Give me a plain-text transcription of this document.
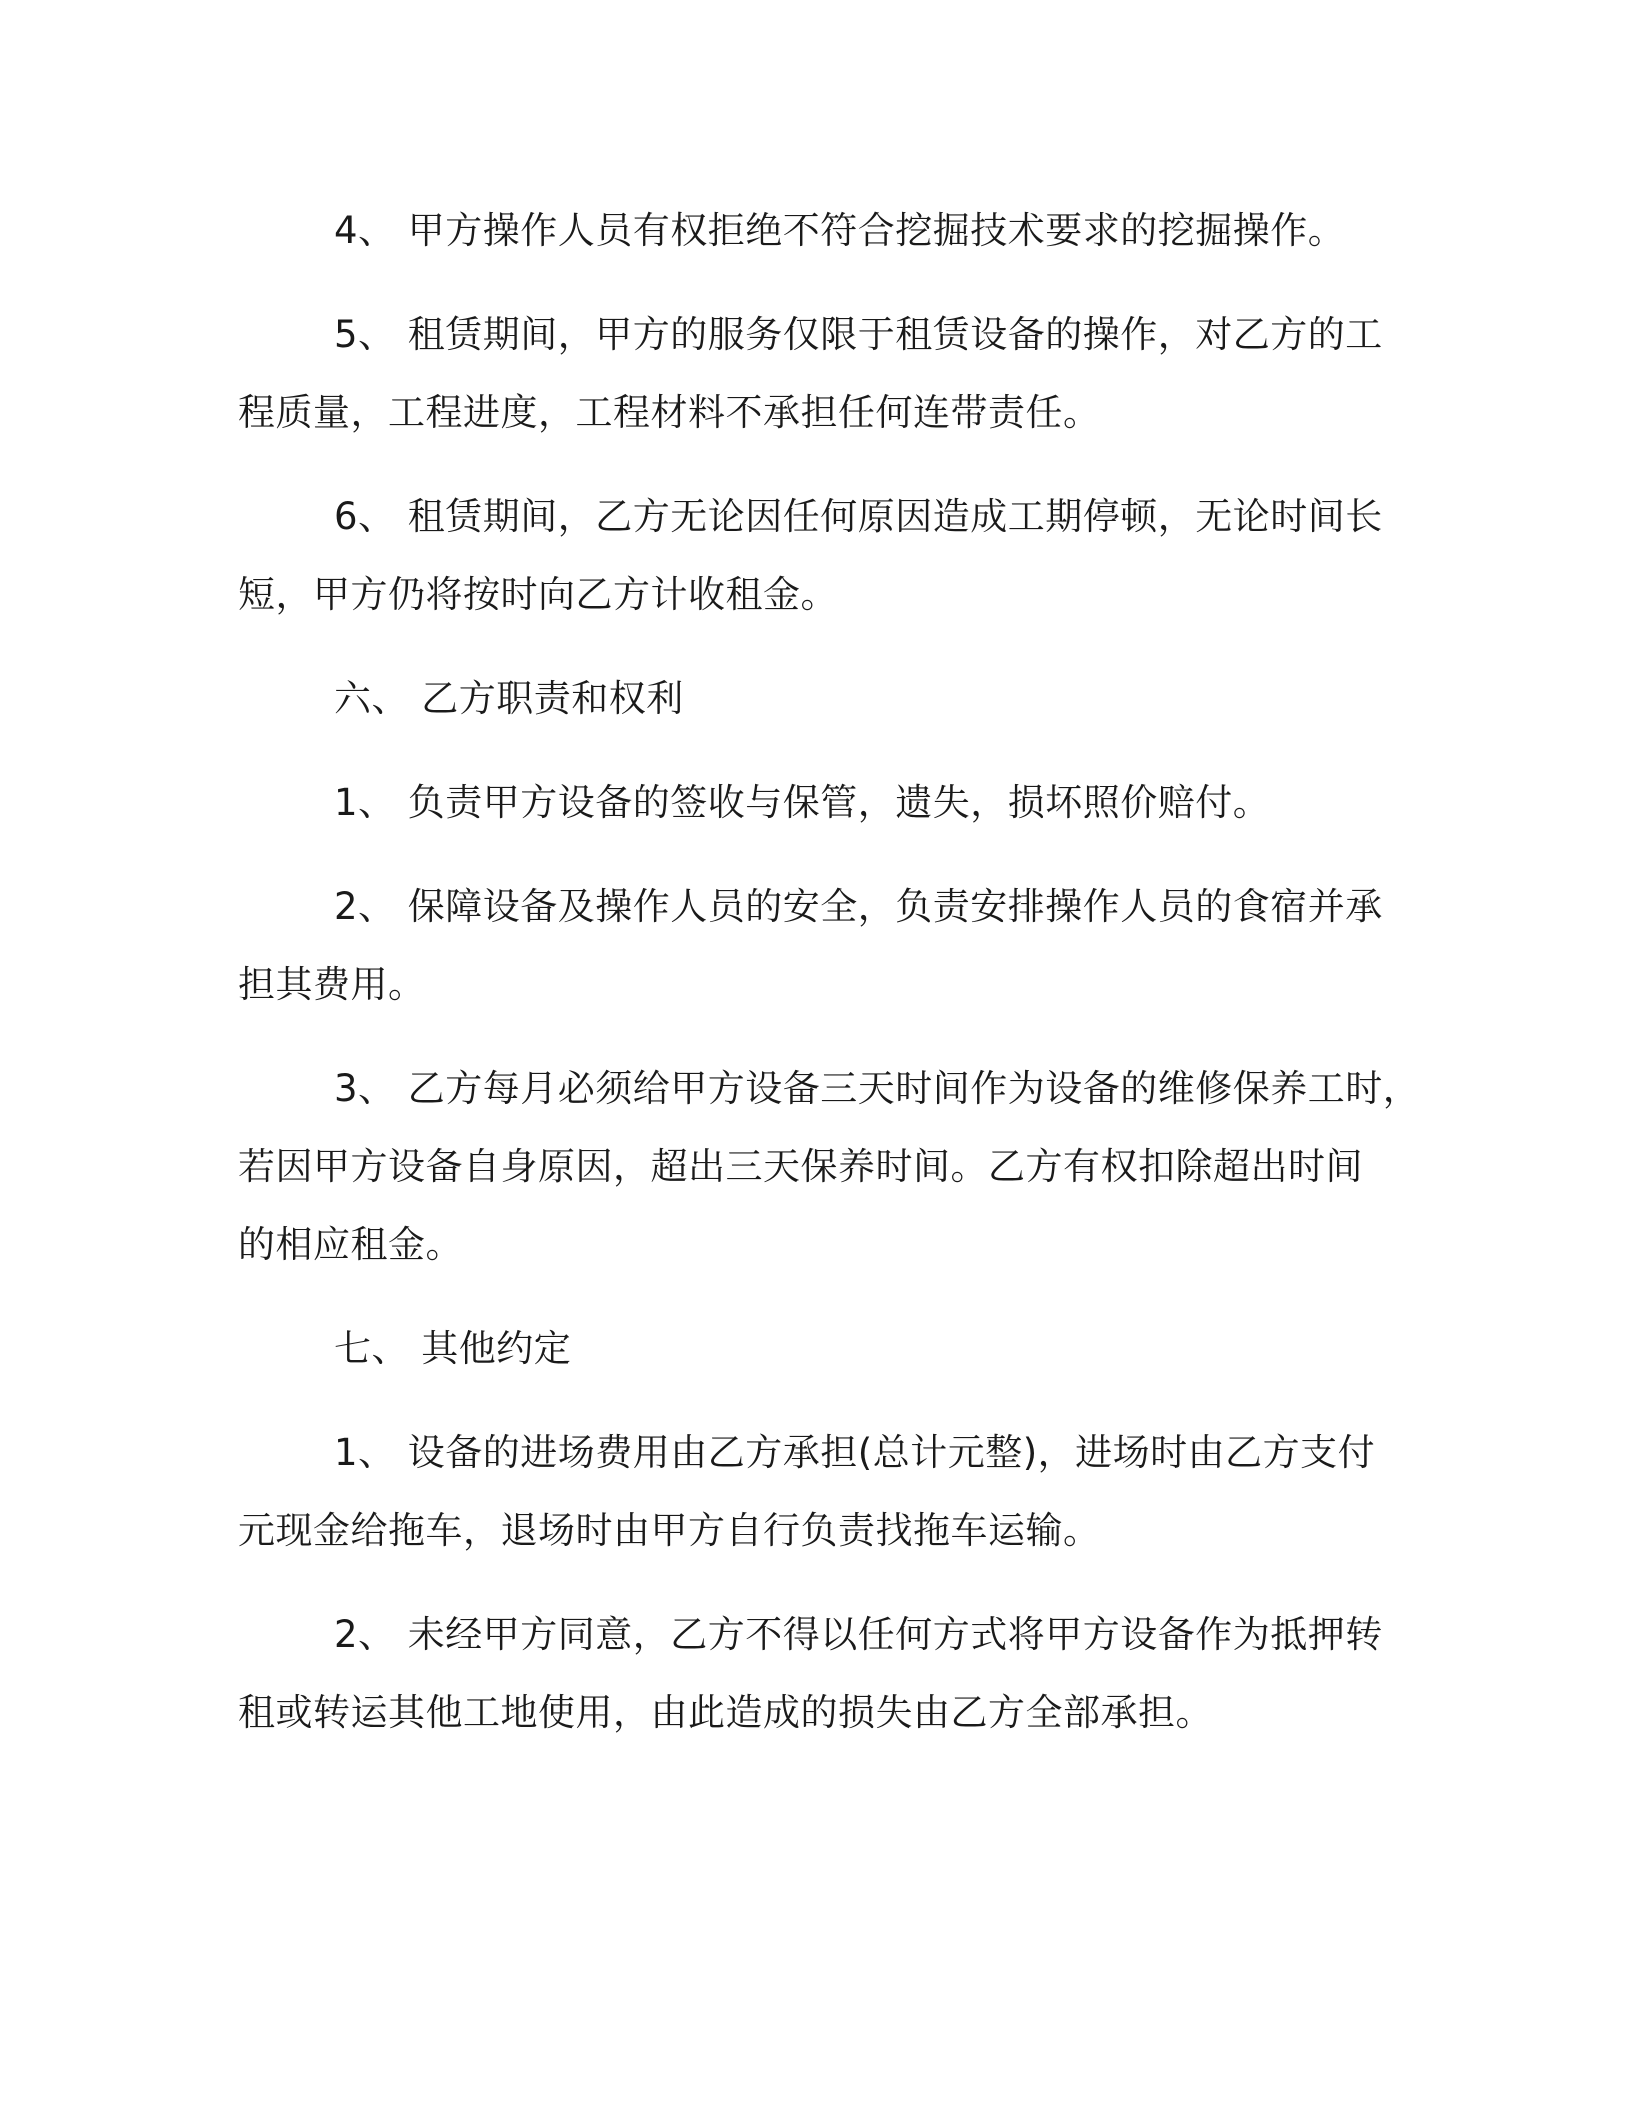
4、 甲方操作人员有权拒绝不符合挖掘技术要求的挖掘操作。

5、 租赁期间，甲方的服务仅限于租赁设备的操作，对乙方的工
程质量，工程进度，工程材料不承担任何连带责任。

6、 租赁期间，乙方无论因任何原因造成工期停顿，无论时间长
短，甲方仍将按时向乙方计收租金。

六、 乙方职责和权利

1、 负责甲方设备的签收与保管，遗失，损坏照价赔付。

2、 保障设备及操作人员的安全，负责安排操作人员的食宿并承
担其费用。

3、 乙方每月必须给甲方设备三天时间作为设备的维修保养工时，
若因甲方设备自身原因，超出三天保养时间。乙方有权扣除超出时间
的相应租金。

七、 其他约定

1、 设备的进场费用由乙方承担(总计元整)，进场时由乙方支付
元现金给拖车，退场时由甲方自行负责找拖车运输。

2、 未经甲方同意，乙方不得以任何方式将甲方设备作为抵押转
租或转运其他工地使用，由此造成的损失由乙方全部承担。
